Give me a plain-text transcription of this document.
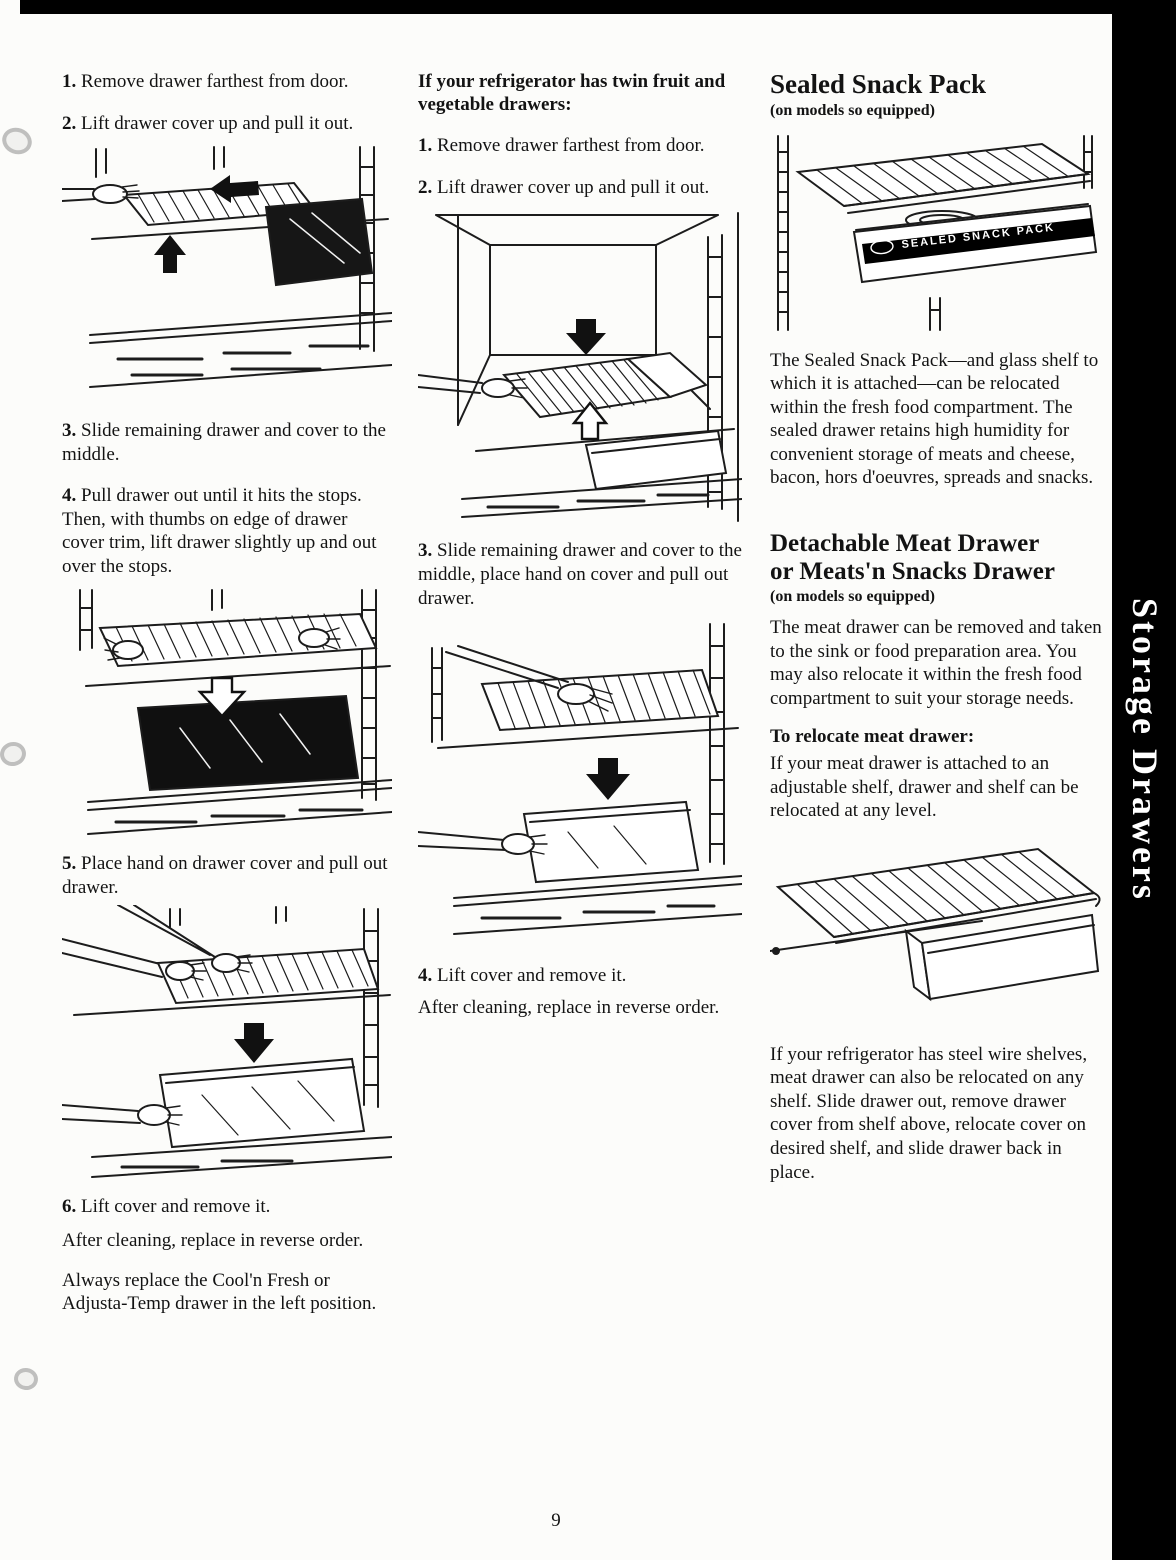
Storage Drawers

1. Remove drawer farthest from door.

2. Lift drawer cover up and pull it out.

3. Slide remaining drawer and cover to the middle.

4. Pull drawer out until it hits the stops. Then, with thumbs on edge of drawer cover trim, lift drawer slightly up and out over the stops.

5. Place hand on drawer cover and pull out drawer.

6. Lift cover and remove it.

After cleaning, replace in reverse order.

Always replace the Cool'n Fresh or Adjusta-Temp drawer in the left position.

If your refrigerator has twin fruit and vegetable drawers:

1. Remove drawer farthest from door.

2. Lift drawer cover up and pull it out.

3. Slide remaining drawer and cover to the middle, place hand on cover and pull out drawer.

4. Lift cover and remove it.

After cleaning, replace in reverse order.

Sealed Snack Pack

(on models so equipped)

SEALED SNACK PACK

The Sealed Snack Pack—and glass shelf to which it is attached—can be relocated within the fresh food compartment. The sealed drawer retains high humidity for convenient storage of meats and cheese, bacon, hors d'oeuvres, spreads and snacks.

Detachable Meat Drawer
or Meats'n Snacks Drawer

(on models so equipped)

The meat drawer can be removed and taken to the sink or food preparation area. You may also relocate it within the fresh food compartment to suit your storage needs.

To relocate meat drawer:

If your meat drawer is attached to an adjustable shelf, drawer and shelf can be relocated at any level.

If your refrigerator has steel wire shelves, meat drawer can also be relocated on any shelf. Slide drawer out, remove drawer cover from shelf above, relocate cover on desired shelf, and slide drawer back in place.

9
